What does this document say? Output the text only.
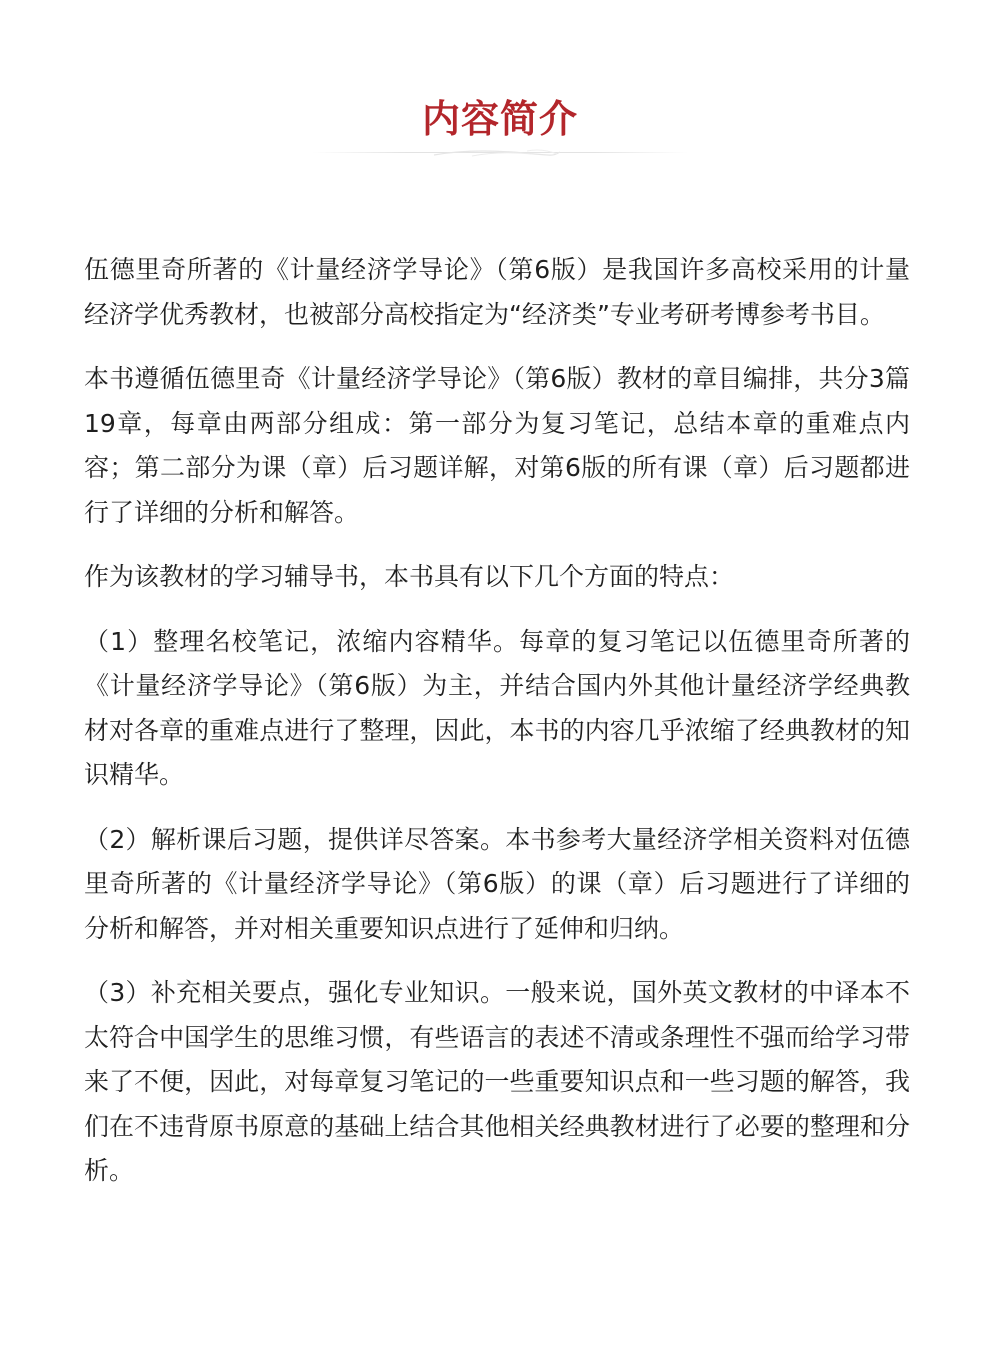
内容简介

伍德里奇所著的《计量经济学导论》（第6版）是我国许多高校采用的计量经济学优秀教材，也被部分高校指定为“经济类”专业考研考博参考书目。

本书遵循伍德里奇《计量经济学导论》（第6版）教材的章目编排，共分3篇19章，每章由两部分组成：第一部分为复习笔记，总结本章的重难点内容；第二部分为课（章）后习题详解，对第6版的所有课（章）后习题都进行了详细的分析和解答。

作为该教材的学习辅导书，本书具有以下几个方面的特点：

（1）整理名校笔记，浓缩内容精华。每章的复习笔记以伍德里奇所著的《计量经济学导论》（第6版）为主，并结合国内外其他计量经济学经典教材对各章的重难点进行了整理，因此，本书的内容几乎浓缩了经典教材的知识精华。

（2）解析课后习题，提供详尽答案。本书参考大量经济学相关资料对伍德里奇所著的《计量经济学导论》（第6版）的课（章）后习题进行了详细的分析和解答，并对相关重要知识点进行了延伸和归纳。

（3）补充相关要点，强化专业知识。一般来说，国外英文教材的中译本不太符合中国学生的思维习惯，有些语言的表述不清或条理性不强而给学习带来了不便，因此，对每章复习笔记的一些重要知识点和一些习题的解答，我们在不违背原书原意的基础上结合其他相关经典教材进行了必要的整理和分析。
